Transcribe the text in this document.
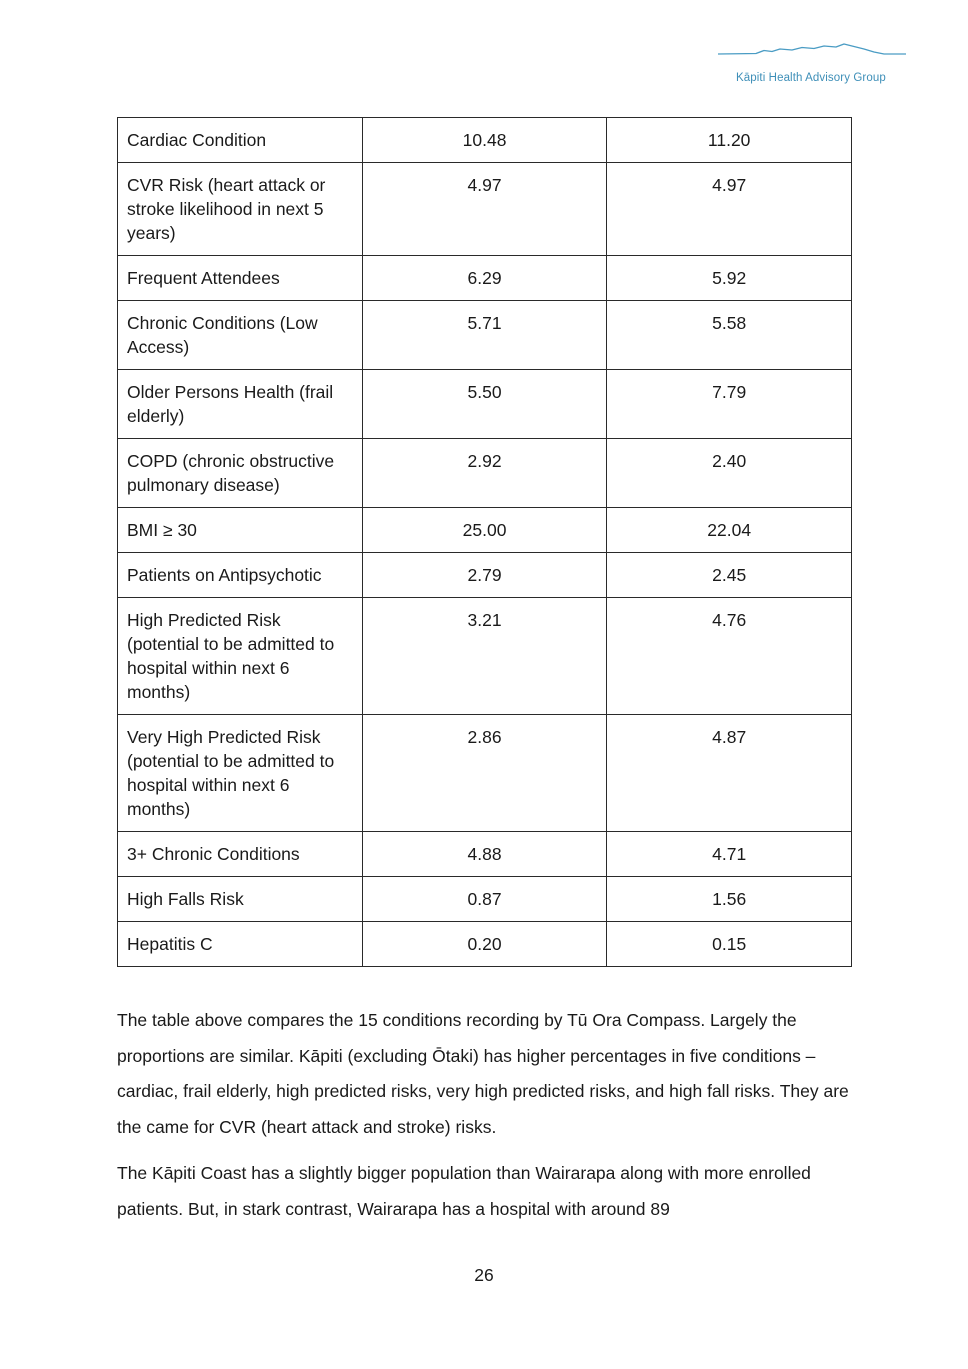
Kāpiti Health Advisory Group
Cardiac Condition	10.48	11.20
CVR Risk (heart attack or stroke likelihood in next 5 years)	4.97	4.97
Frequent Attendees	6.29	5.92
Chronic Conditions (Low Access)	5.71	5.58
Older Persons Health (frail elderly)	5.50	7.79
COPD (chronic obstructive pulmonary disease)	2.92	2.40
BMI ≥ 30	25.00	22.04
Patients on Antipsychotic	2.79	2.45
High Predicted Risk (potential to be admitted to hospital within next 6 months)	3.21	4.76
Very High Predicted Risk (potential to be admitted to hospital within next 6 months)	2.86	4.87
3+ Chronic Conditions	4.88	4.71
High Falls Risk	0.87	1.56
Hepatitis C	0.20	0.15

The table above compares the 15 conditions recording by Tū Ora Compass. Largely the proportions are similar. Kāpiti (excluding Ōtaki) has higher percentages in five conditions – cardiac, frail elderly, high predicted risks, very high predicted risks, and high fall risks. They are the came for CVR (heart attack and stroke) risks.

The Kāpiti Coast has a slightly bigger population than Wairarapa along with more enrolled patients. But, in stark contrast, Wairarapa has a hospital with around 89

26
